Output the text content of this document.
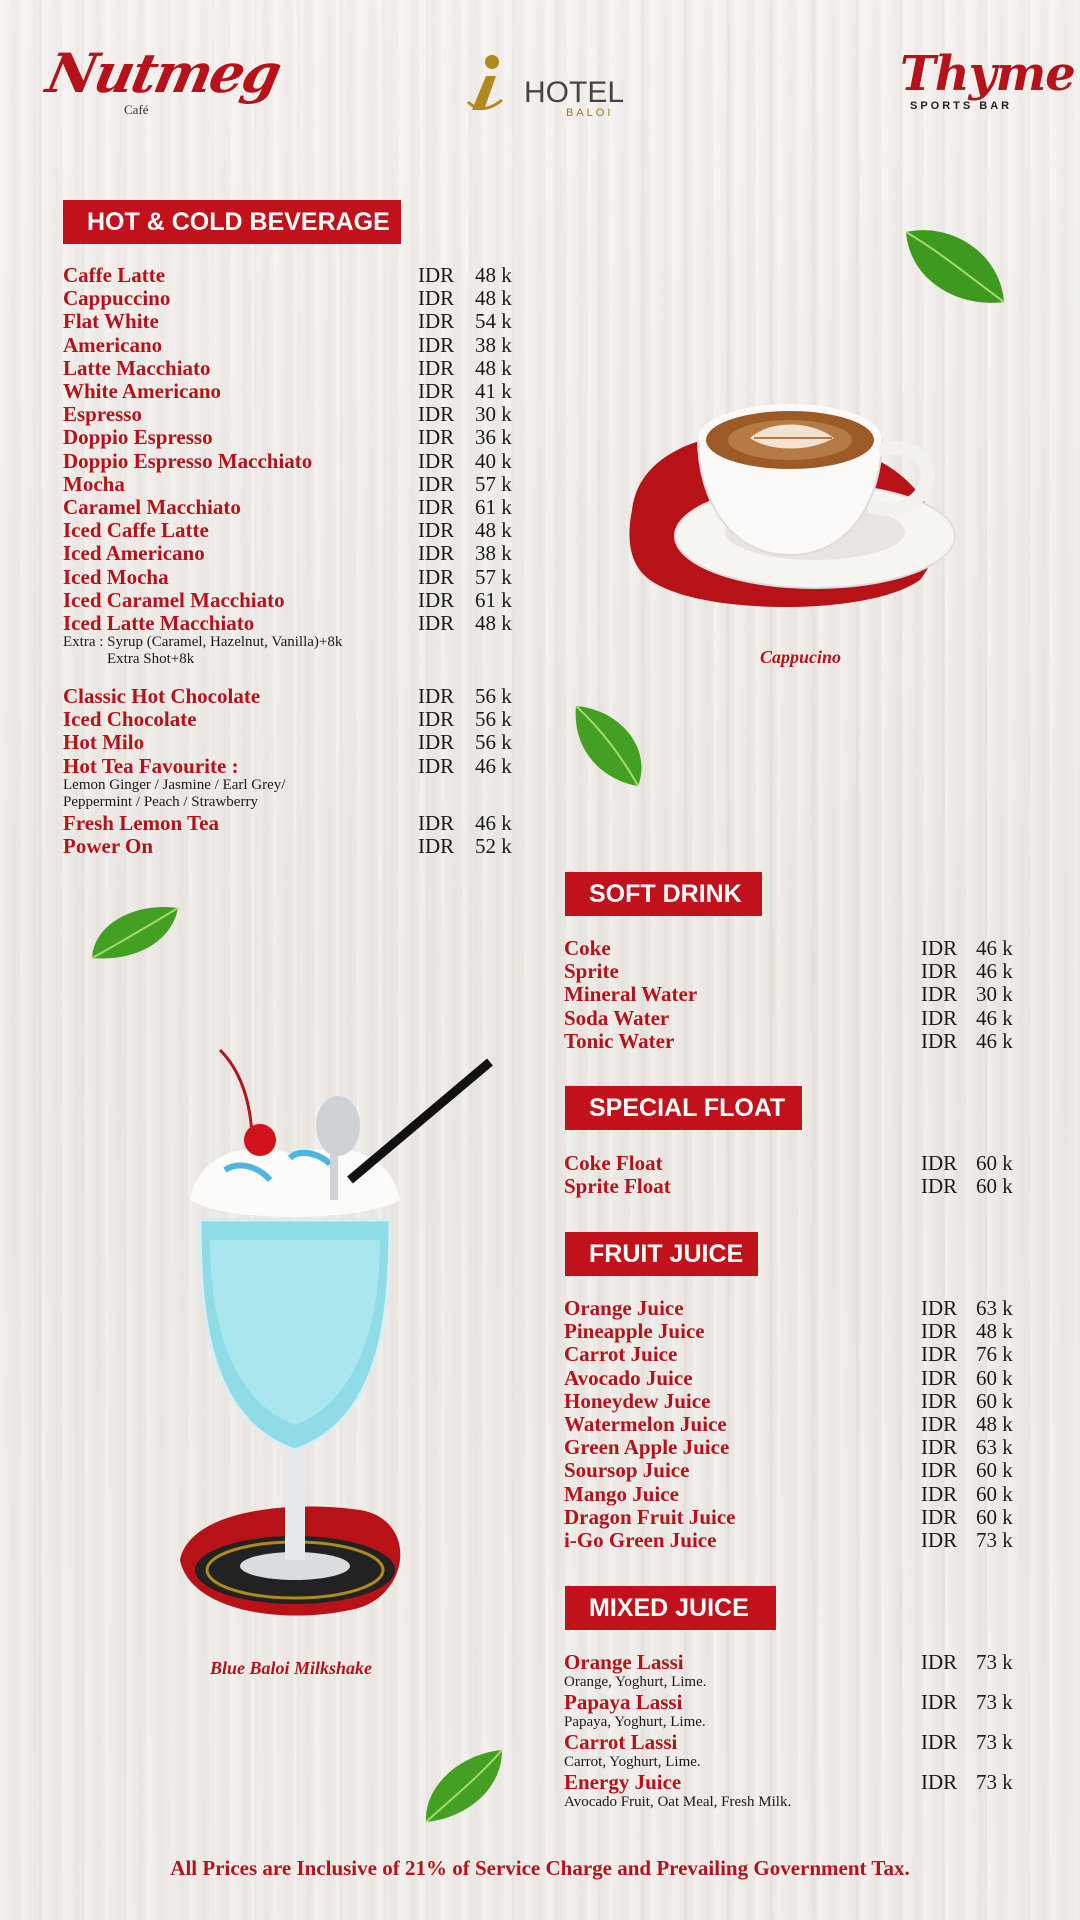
Nutmeg
Café
HOTEL
BALOI
Thyme
SPORTS BAR
Cappucino
Blue Baloi Milkshake
HOT & COLD BEVERAGE
Caffe Latte	IDR 48 k
Cappuccino	IDR 48 k
Flat White	IDR 54 k
Americano	IDR 38 k
Latte Macchiato	IDR 48 k
White Americano	IDR 41 k
Espresso	IDR 30 k
Doppio Espresso	IDR 36 k
Doppio Espresso Macchiato	IDR 40 k
Mocha	IDR 57 k
Caramel Macchiato	IDR 61 k
Iced Caffe Latte	IDR 48 k
Iced Americano	IDR 38 k
Iced Mocha	IDR 57 k
Iced Caramel Macchiato	IDR 61 k
Iced Latte Macchiato	IDR 48 k
Extra : Syrup (Caramel, Hazelnut, Vanilla)+8k
Extra Shot+8k
Classic Hot Chocolate	IDR 56 k
Iced Chocolate	IDR 56 k
Hot Milo	IDR 56 k
Hot Tea Favourite :	IDR 46 k
Lemon Ginger / Jasmine / Earl Grey/
Peppermint / Peach / Strawberry
Fresh Lemon Tea	IDR 46 k
Power On	IDR 52 k
SOFT DRINK
Coke	IDR 46 k
Sprite	IDR 46 k
Mineral Water	IDR 30 k
Soda Water	IDR 46 k
Tonic Water	IDR 46 k
SPECIAL FLOAT
Coke Float	IDR 60 k
Sprite Float	IDR 60 k
FRUIT JUICE
Orange Juice	IDR 63 k
Pineapple Juice	IDR 48 k
Carrot Juice	IDR 76 k
Avocado Juice	IDR 60 k
Honeydew Juice	IDR 60 k
Watermelon Juice	IDR 48 k
Green Apple Juice	IDR 63 k
Soursop Juice	IDR 60 k
Mango Juice	IDR 60 k
Dragon Fruit Juice	IDR 60 k
i-Go Green Juice	IDR 73 k
MIXED JUICE
Orange Lassi	IDR 73 k
Orange, Yoghurt, Lime.
Papaya Lassi	IDR 73 k
Papaya, Yoghurt, Lime.
Carrot Lassi	IDR 73 k
Carrot, Yoghurt, Lime.
Energy Juice	IDR 73 k
Avocado Fruit, Oat Meal, Fresh Milk.
All Prices are Inclusive of 21% of Service Charge and Prevailing Government Tax.
